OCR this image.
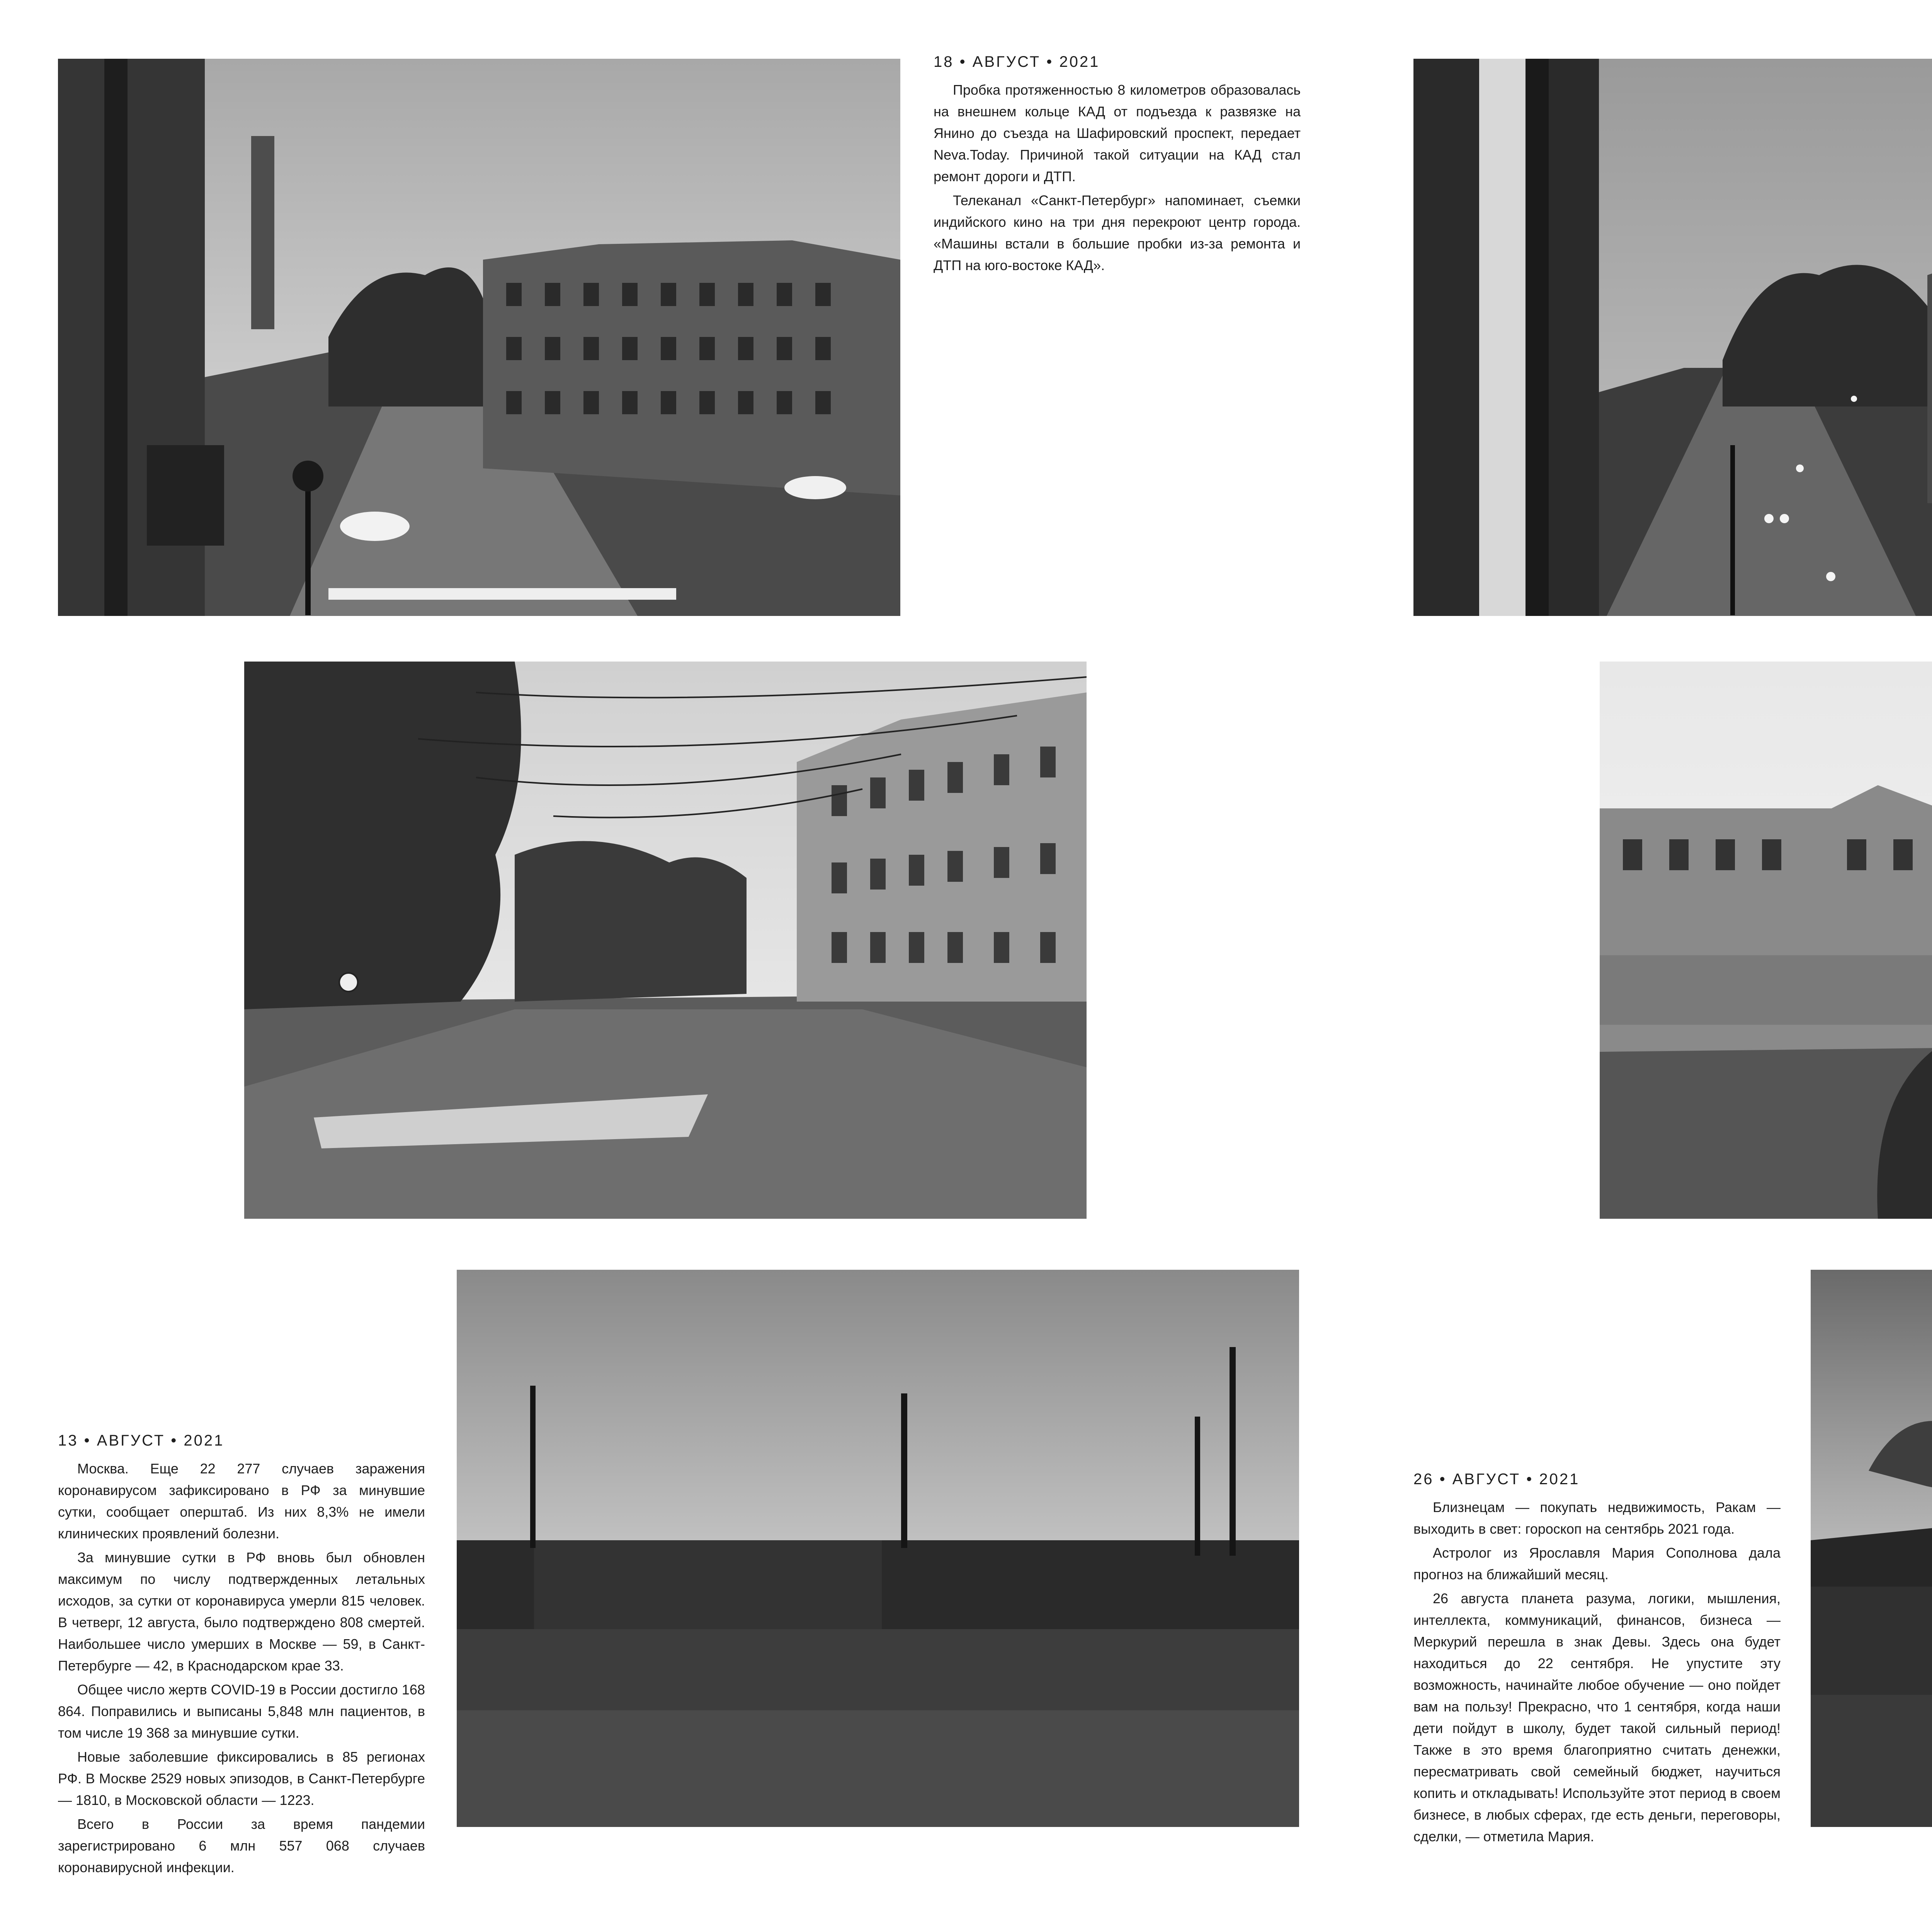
18 • АВГУСТ • 2021

Пробка протяженностью 8 километров образовалась на внешнем кольце КАД от подъезда к развязке на Янино до съезда на Шафировский проспект, передает Neva.Today. Причиной такой ситуации на КАД стал ремонт дороги и ДТП.

Телеканал «Санкт-Петербург» напоминает, съемки индийского кино на три дня перекроют центр города. «Машины встали в большие пробки из-за ремонта и ДТП на юго-востоке КАД».

13 • АВГУСТ • 2021

Москва. Еще 22 277 случаев заражения коронавирусом зафиксировано в РФ за минувшие сутки, сообщает оперштаб. Из них 8,3% не имели клинических проявлений болезни.

За минувшие сутки в РФ вновь был обновлен максимум по числу подтвержденных летальных исходов, за сутки от коронавируса умерли 815 человек. В четверг, 12 августа, было подтверждено 808 смертей. Наибольшее число умерших в Москве — 59, в Санкт-Петербурге — 42, в Краснодарском крае 33.

Общее число жертв COVID-19 в России достигло 168 864. Поправились и выписаны 5,848 млн пациентов, в том числе 19 368 за минувшие сутки.

Новые заболевшие фиксировались в 85 регионах РФ. В Москве 2529 новых эпизодов, в Санкт-Петербурге — 1810, в Московской области — 1223.

Всего в России за время пандемии зарегистрировано 6 млн 557 068 случаев коронавирусной инфекции.

26 • АВГУСТ • 2021

Близнецам — покупать недвижимость, Ракам — выходить в свет: гороскоп на сентябрь 2021 года.

Астролог из Ярославля Мария Сополнова дала прогноз на ближайший месяц.

26 августа планета разума, логики, мышления, интеллекта, коммуникаций, финансов, бизнеса — Меркурий перешла в знак Девы. Здесь она будет находиться до 22 сентября. Не упустите эту возможность, начинайте любое обучение — оно пойдет вам на пользу! Прекрасно, что 1 сентября, когда наши дети пойдут в школу, будет такой сильный период! Также в это время благоприятно считать денежки, пересматривать свой семейный бюджет, научиться копить и откладывать! Используйте этот период в своем бизнесе, в любых сферах, где есть деньги, переговоры, сделки, — отметила Мария.
